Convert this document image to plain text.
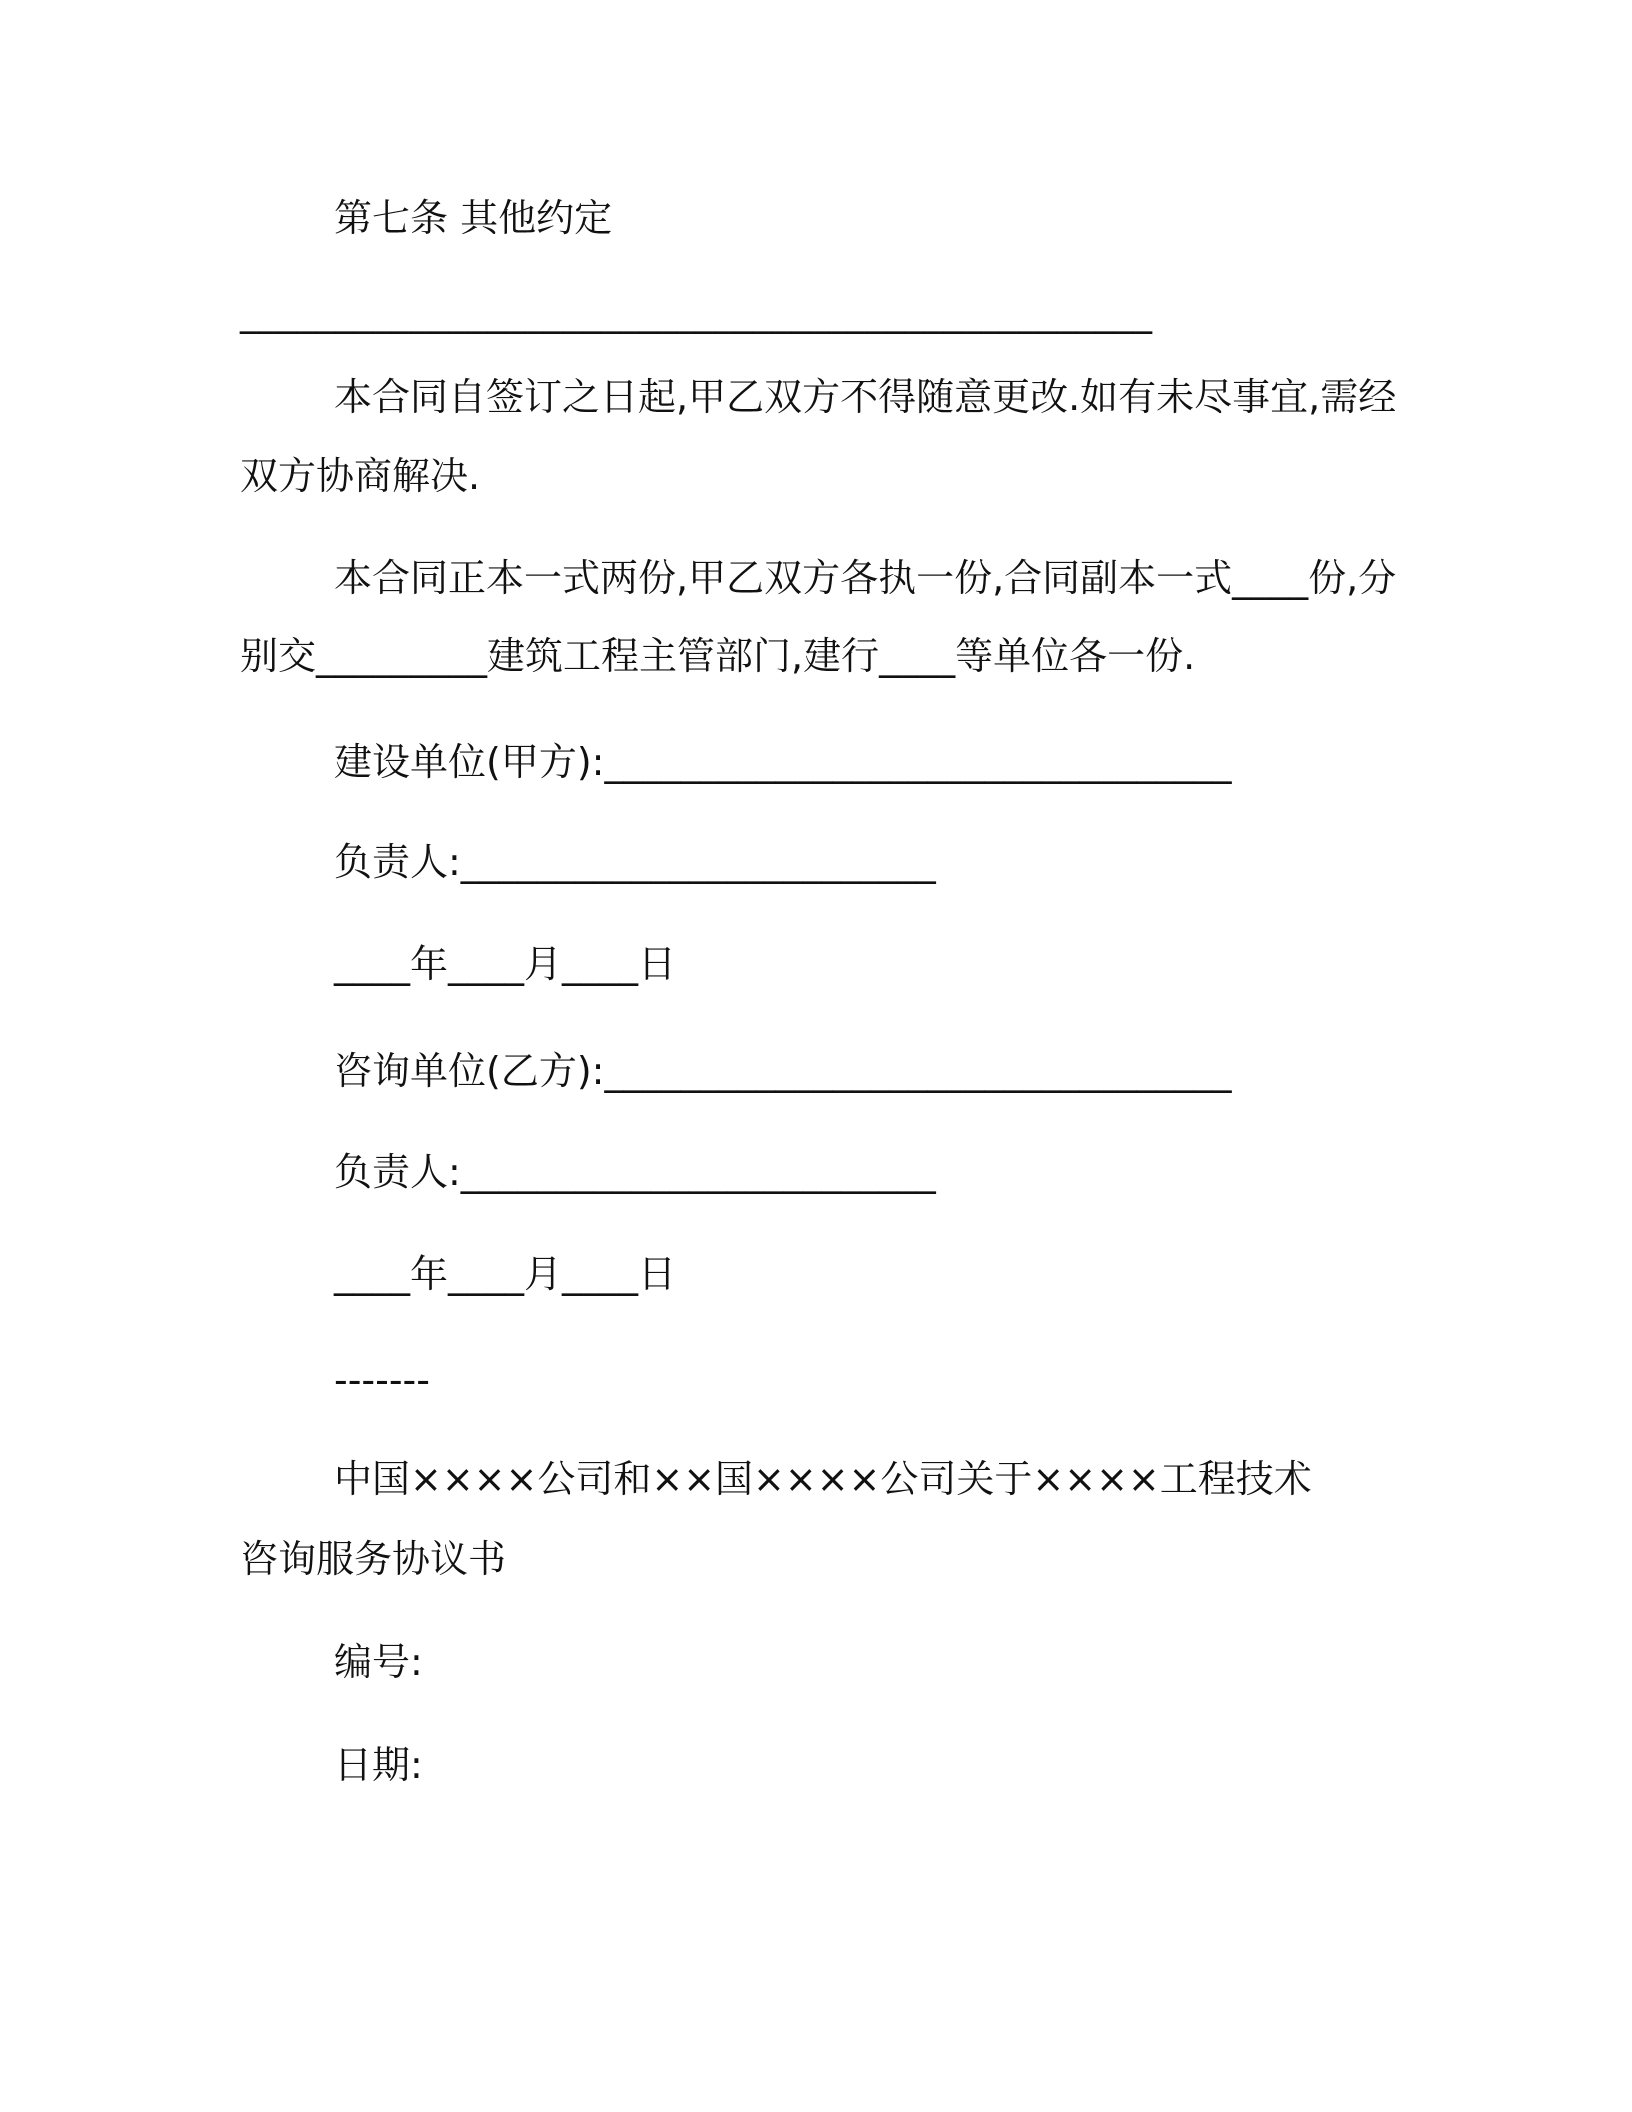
第七条 其他约定
________________________________________________
本合同自签订之日起,甲乙双方不得随意更改.如有未尽事宜,需经
双方协商解决.
本合同正本一式两份,甲乙双方各执一份,合同副本一式____份,分
别交_________建筑工程主管部门,建行____等单位各一份.
建设单位(甲方):_________________________________
负责人:_________________________
____年____月____日
咨询单位(乙方):_________________________________
负责人:_________________________
____年____月____日
-------
中国××××公司和××国××××公司关于××××工程技术
咨询服务协议书
编号:
日期:
